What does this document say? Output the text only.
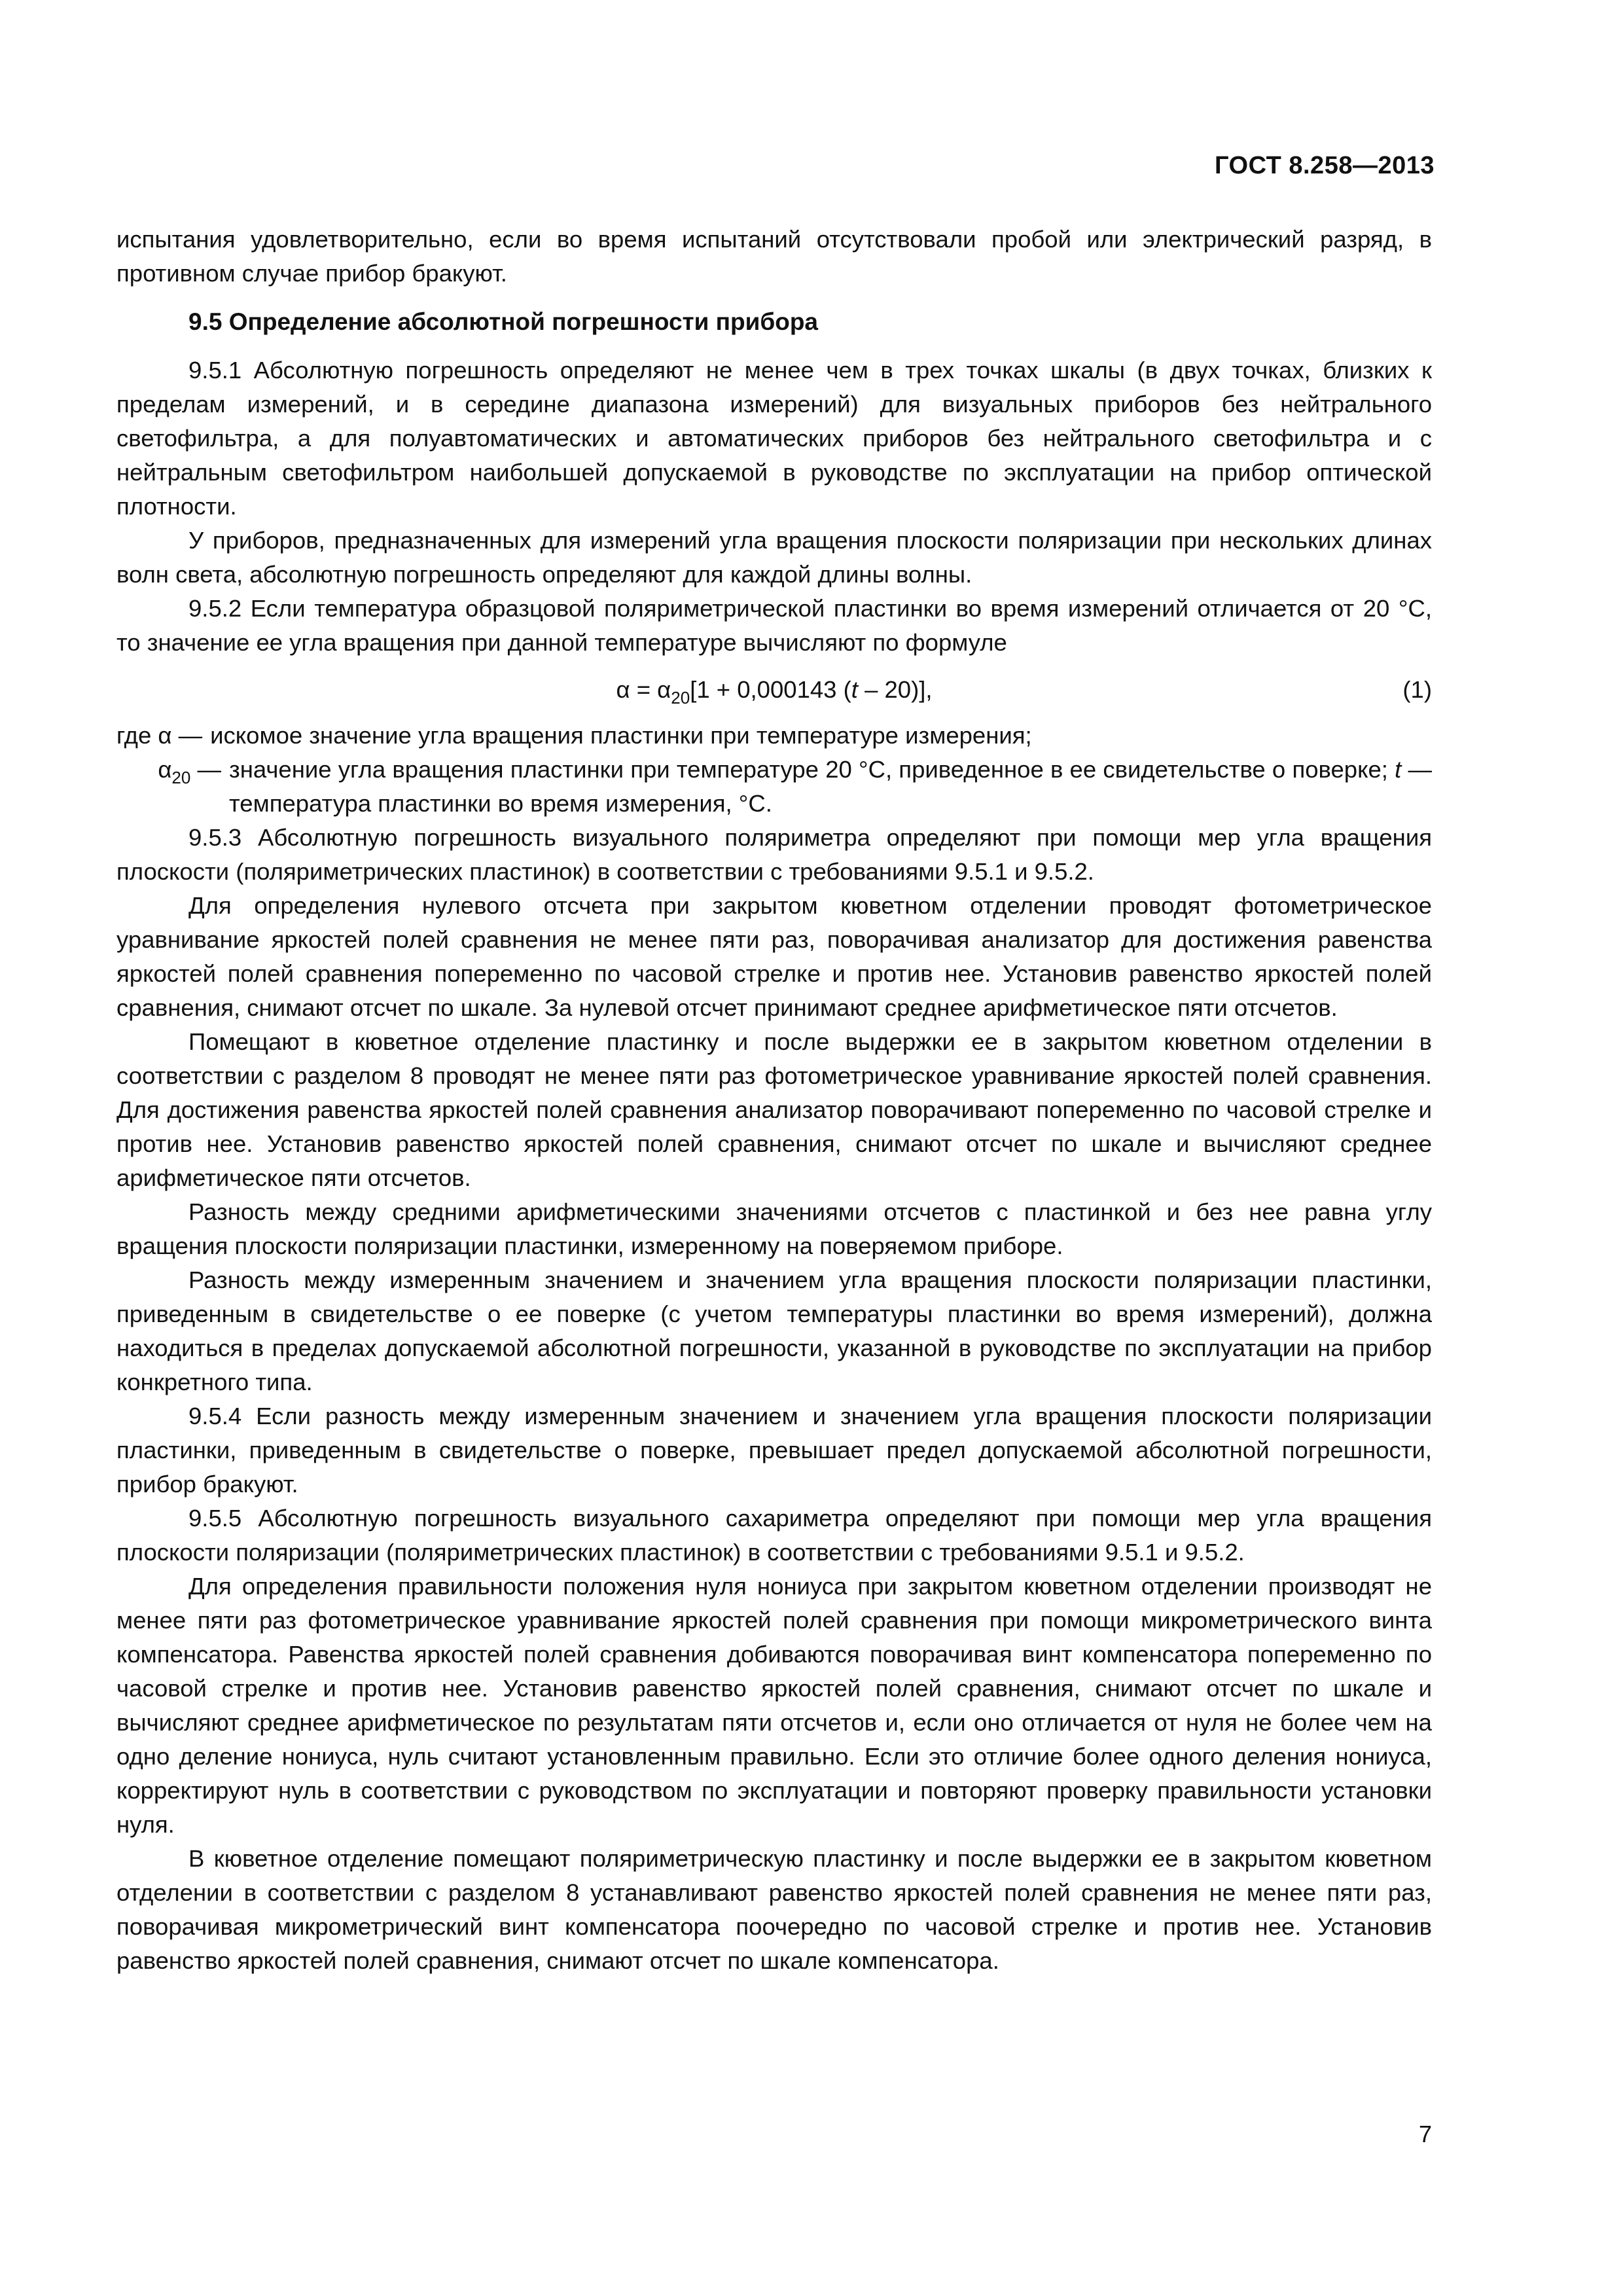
ГОСТ 8.258—2013

испытания удовлетворительно, если во время испытаний отсутствовали пробой или электрический разряд, в противном случае прибор бракуют.

9.5 Определение абсолютной погрешности прибора

9.5.1 Абсолютную погрешность определяют не менее чем в трех точках шкалы (в двух точках, близких к пределам измерений, и в середине диапазона измерений) для визуальных приборов без нейтрального светофильтра, а для полуавтоматических и автоматических приборов без нейтрального светофильтра и с нейтральным светофильтром наибольшей допускаемой в руководстве по эксплуатации на прибор оптической плотности.

У приборов, предназначенных для измерений угла вращения плоскости поляризации при нескольких длинах волн света, абсолютную погрешность определяют для каждой длины волны.

9.5.2 Если температура образцовой поляриметрической пластинки во время измерений отличается от 20 °С, то значение ее угла вращения при данной температуре вычисляют по формуле

$\alpha = \alpha_{20}[1 + 0,000143$ (t – 20)],	(1)
где α — искомое значение угла вращения пластинки при температуре измерения;
$\alpha_{20}$ — значение угла вращения пластинки при температуре 20 °С, приведенное в ее свидетельстве о поверке; t — температура пластинки во время измерения, °С.

9.5.3 Абсолютную погрешность визуального поляриметра определяют при помощи мер угла вращения плоскости (поляриметрических пластинок) в соответствии с требованиями 9.5.1 и 9.5.2.

Для определения нулевого отсчета при закрытом кюветном отделении проводят фотометрическое уравнивание яркостей полей сравнения не менее пяти раз, поворачивая анализатор для достижения равенства яркостей полей сравнения попеременно по часовой стрелке и против нее. Установив равенство яркостей полей сравнения, снимают отсчет по шкале. За нулевой отсчет принимают среднее арифметическое пяти отсчетов.

Помещают в кюветное отделение пластинку и после выдержки ее в закрытом кюветном отделении в соответствии с разделом 8 проводят не менее пяти раз фотометрическое уравнивание яркостей полей сравнения. Для достижения равенства яркостей полей сравнения анализатор поворачивают попеременно по часовой стрелке и против нее. Установив равенство яркостей полей сравнения, снимают отсчет по шкале и вычисляют среднее арифметическое пяти отсчетов.

Разность между средними арифметическими значениями отсчетов с пластинкой и без нее равна углу вращения плоскости поляризации пластинки, измеренному на поверяемом приборе.

Разность между измеренным значением и значением угла вращения плоскости поляризации пластинки, приведенным в свидетельстве о ее поверке (с учетом температуры пластинки во время измерений), должна находиться в пределах допускаемой абсолютной погрешности, указанной в руководстве по эксплуатации на прибор конкретного типа.

9.5.4 Если разность между измеренным значением и значением угла вращения плоскости поляризации пластинки, приведенным в свидетельстве о поверке, превышает предел допускаемой абсолютной погрешности, прибор бракуют.

9.5.5 Абсолютную погрешность визуального сахариметра определяют при помощи мер угла вращения плоскости поляризации (поляриметрических пластинок) в соответствии с требованиями 9.5.1 и 9.5.2.

Для определения правильности положения нуля нониуса при закрытом кюветном отделении производят не менее пяти раз фотометрическое уравнивание яркостей полей сравнения при помощи микрометрического винта компенсатора. Равенства яркостей полей сравнения добиваются поворачивая винт компенсатора попеременно по часовой стрелке и против нее. Установив равенство яркостей полей сравнения, снимают отсчет по шкале и вычисляют среднее арифметическое по результатам пяти отсчетов и, если оно отличается от нуля не более чем на одно деление нониуса, нуль считают установленным правильно. Если это отличие более одного деления нониуса, корректируют нуль в соответствии с руководством по эксплуатации и повторяют проверку правильности установки нуля.

В кюветное отделение помещают поляриметрическую пластинку и после выдержки ее в закрытом кюветном отделении в соответствии с разделом 8 устанавливают равенство яркостей полей сравнения не менее пяти раз, поворачивая микрометрический винт компенсатора поочередно по часовой стрелке и против нее. Установив равенство яркостей полей сравнения, снимают отсчет по шкале компенсатора.

7
